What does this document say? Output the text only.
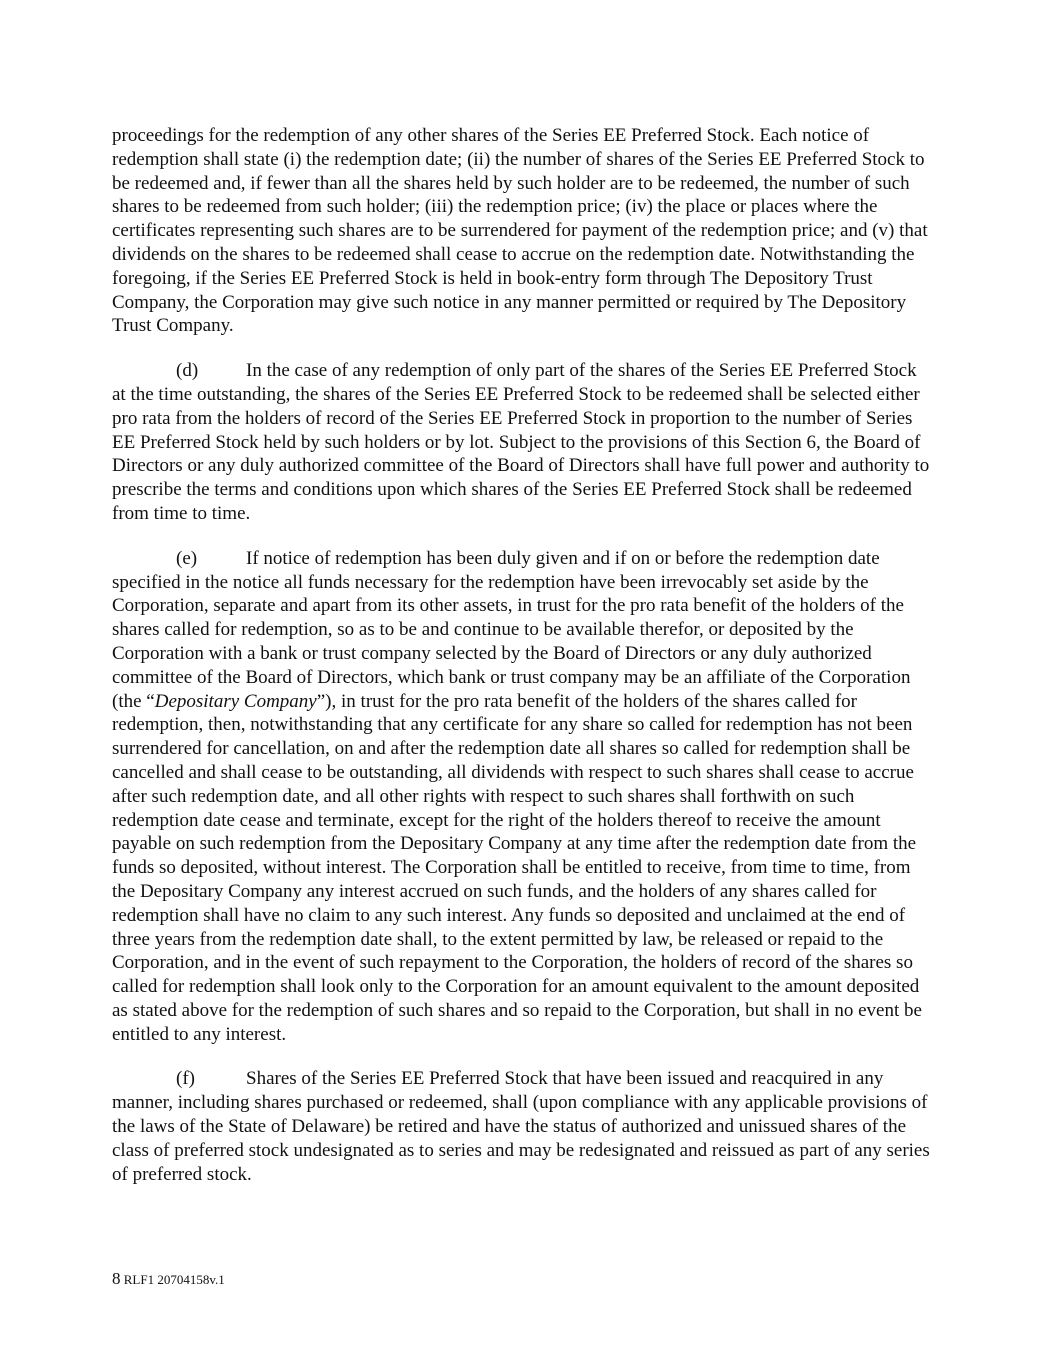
proceedings for the redemption of any other shares of the Series EE Preferred Stock. Each notice of redemption shall state (i) the redemption date; (ii) the number of shares of the Series EE Preferred Stock to be redeemed and, if fewer than all the shares held by such holder are to be redeemed, the number of such shares to be redeemed from such holder; (iii) the redemption price; (iv) the place or places where the certificates representing such shares are to be surrendered for payment of the redemption price; and (v) that dividends on the shares to be redeemed shall cease to accrue on the redemption date. Notwithstanding the foregoing, if the Series EE Preferred Stock is held in book-entry form through The Depository Trust Company, the Corporation may give such notice in any manner permitted or required by The Depository Trust Company.

(d)	In the case of any redemption of only part of the shares of the Series EE Preferred Stock at the time outstanding, the shares of the Series EE Preferred Stock to be redeemed shall be selected either pro rata from the holders of record of the Series EE Preferred Stock in proportion to the number of Series EE Preferred Stock held by such holders or by lot. Subject to the provisions of this Section 6, the Board of Directors or any duly authorized committee of the Board of Directors shall have full power and authority to prescribe the terms and conditions upon which shares of the Series EE Preferred Stock shall be redeemed from time to time.

(e)	If notice of redemption has been duly given and if on or before the redemption date specified in the notice all funds necessary for the redemption have been irrevocably set aside by the Corporation, separate and apart from its other assets, in trust for the pro rata benefit of the holders of the shares called for redemption, so as to be and continue to be available therefor, or deposited by the Corporation with a bank or trust company selected by the Board of Directors or any duly authorized committee of the Board of Directors, which bank or trust company may be an affiliate of the Corporation (the “Depositary Company”), in trust for the pro rata benefit of the holders of the shares called for redemption, then, notwithstanding that any certificate for any share so called for redemption has not been surrendered for cancellation, on and after the redemption date all shares so called for redemption shall be cancelled and shall cease to be outstanding, all dividends with respect to such shares shall cease to accrue after such redemption date, and all other rights with respect to such shares shall forthwith on such redemption date cease and terminate, except for the right of the holders thereof to receive the amount payable on such redemption from the Depositary Company at any time after the redemption date from the funds so deposited, without interest. The Corporation shall be entitled to receive, from time to time, from the Depositary Company any interest accrued on such funds, and the holders of any shares called for redemption shall have no claim to any such interest. Any funds so deposited and unclaimed at the end of three years from the redemption date shall, to the extent permitted by law, be released or repaid to the Corporation, and in the event of such repayment to the Corporation, the holders of record of the shares so called for redemption shall look only to the Corporation for an amount equivalent to the amount deposited as stated above for the redemption of such shares and so repaid to the Corporation, but shall in no event be entitled to any interest.

(f)	Shares of the Series EE Preferred Stock that have been issued and reacquired in any manner, including shares purchased or redeemed, shall (upon compliance with any applicable provisions of the laws of the State of Delaware) be retired and have the status of authorized and unissued shares of the class of preferred stock undesignated as to series and may be redesignated and reissued as part of any series of preferred stock.

8 RLF1 20704158v.1
